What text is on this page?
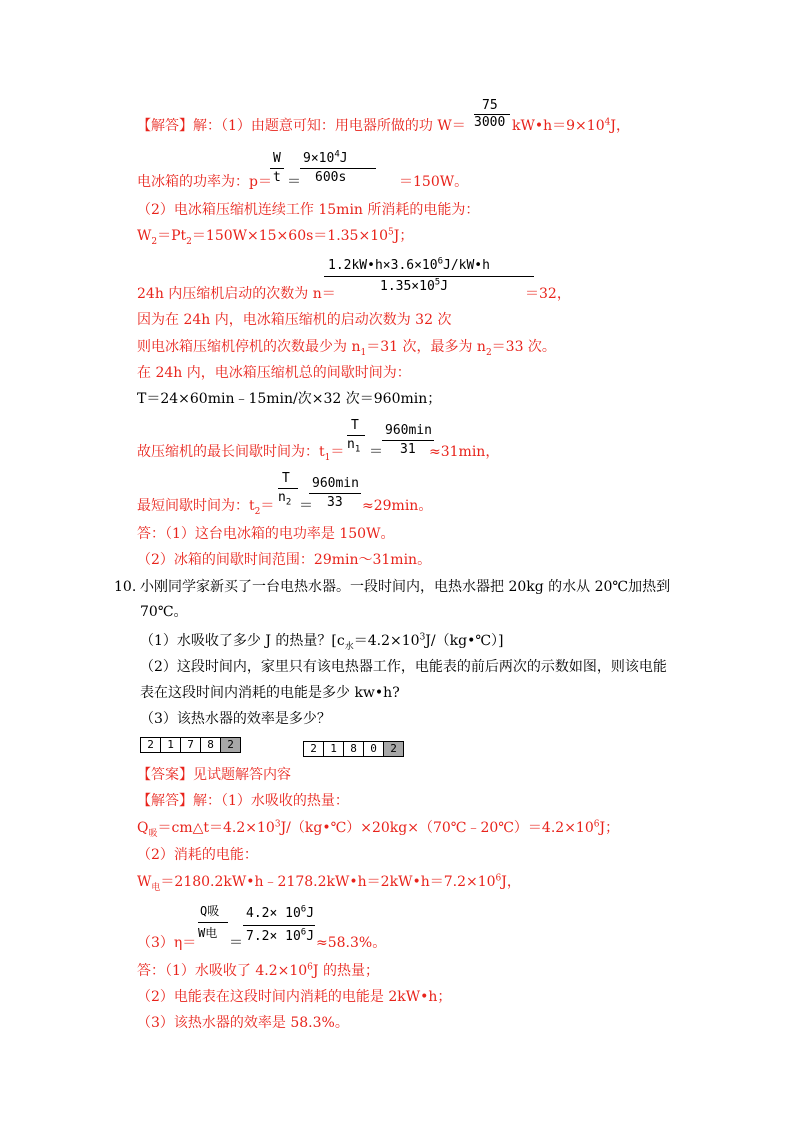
【解答】解：（1）由题意可知：用电器所做的功 W＝
75
3000 $kW•h=9\times 10^4J$，
电冰箱的功率为：p＝
W
t ＝
$9\times 10^4J$
600s	＝150W。
（2）电冰箱压缩机连续工作 15min 所消耗的电能为：
$W_2=Pt_2=150W\times 15\times 60s=1.35\times 10^5J$；
$1.2kW•h\times 3.6\times 10^6J/kW•h$
$1.35\times 10^5J$
24h 内压缩机启动的次数为 n＝	＝32，
因为在 24h 内，电冰箱压缩机的启动次数为 32 次
则电冰箱压缩机停机的次数最少为 $n_1=31$ 次，最多为 $n_2=33$ 次。
在 24h 内，电冰箱压缩机总的间歇时间为：
T＝24×60min﹣15min/次×32 次＝960min；
故压缩机的最长间歇时间为：$t_1=$
T
$n_1$ ＝
960min
31 ≈31min，
最短间歇时间为：$t_2=$
T
$n_2$ ＝
960min
33 ≈29min。
答：（1）这台电冰箱的电功率是 150W。
（2）冰箱的间歇时间范围：29min～31min。
10. 小刚同学家新买了一台电热水器。一段时间内，电热水器把 20kg 的水从 20℃加热到
70℃。
（1）水吸收了多少 J 的热量？$[c_水=4.2\times 10^3J/(kg•℃)]$
（2）这段时间内，家里只有该电热器工作，电能表的前后两次的示数如图，则该电能
表在这段时间内消耗的电能是多少 kw•h?
（3）该热水器的效率是多少？
2	1	7	8	2	2	1	8	0	2
【答案】见试题解答内容
【解答】解：（1）水吸收的热量：
$Q_吸=cm\triangle t=4.2\times 10^3J/(kg•℃)\times 20kg\times(70℃﹣20℃)=4.2\times 10^6J$；
（2）消耗的电能：
$W_电=2180.2kW•h﹣2178.2kW•h=2kW•h=7.2\times 10^6J$，
（3）η＝
Q吸
W电
＝
$4.2\times 10^6J$
$7.2\times 10^6J \approx 58.3\%$。
答：（1）水吸收了 $4.2\times 10^6J$ 的热量；
（2）电能表在这段时间内消耗的电能是 2kW•h；
（3）该热水器的效率是 58.3%。
